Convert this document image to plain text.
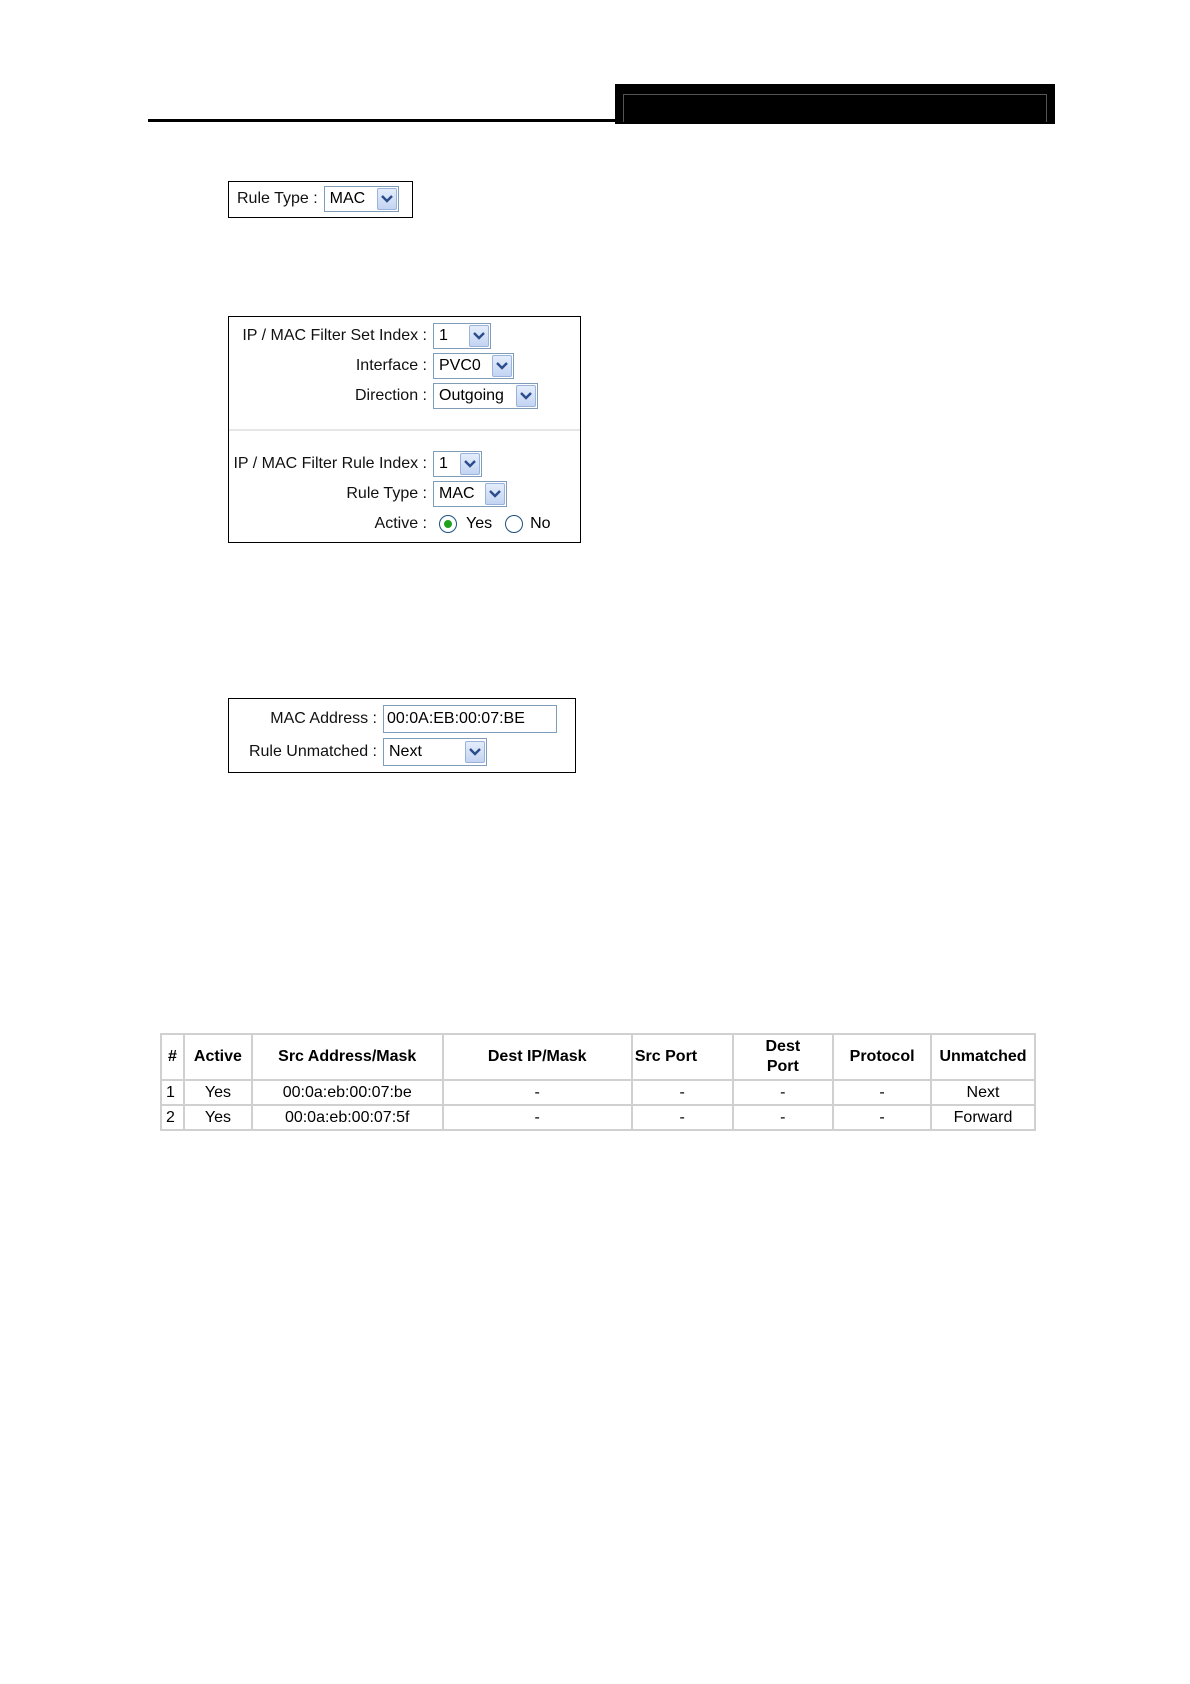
Rule Type : MAC
IP / MAC Filter Set Index : 1
Interface : PVC0
Direction : Outgoing
IP / MAC Filter Rule Index : 1
Rule Type : MAC
Active : Yes No
MAC Address : 00:0A:EB:00:07:BE
Rule Unmatched : Next
#	Active	Src Address/Mask	Dest IP/Mask	Src Port	Dest
Port	Protocol	Unmatched
1	Yes	00:0a:eb:00:07:be	-	-	-	-	Next
2	Yes	00:0a:eb:00:07:5f	-	-	-	-	Forward
